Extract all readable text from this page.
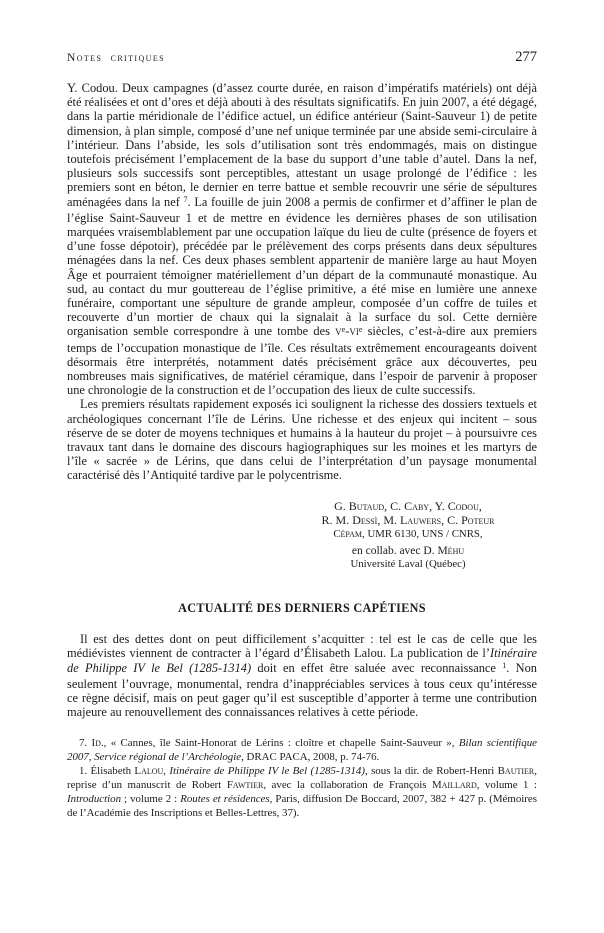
Notes critiques	277

Y. Codou. Deux campagnes (d’assez courte durée, en raison d’impératifs matériels) ont déjà été réalisées et ont d’ores et déjà abouti à des résultats significatifs. En juin 2007, a été dégagé, dans la partie méridionale de l’édifice actuel, un édifice antérieur (Saint-Sauveur 1) de petite dimension, à plan simple, composé d’une nef unique terminée par une abside semi-circulaire à l’intérieur. Dans l’abside, les sols d’utilisation sont très endommagés, mais on distingue toutefois précisément l’emplacement de la base du support d’une table d’autel. Dans la nef, plusieurs sols successifs sont perceptibles, attestant un usage prolongé de l’édifice : les premiers sont en béton, le dernier en terre battue et semble recouvrir une série de sépultures aménagées dans la nef $^7$. La fouille de juin 2008 a permis de confirmer et d’affiner le plan de l’église Saint-Sauveur 1 et de mettre en évidence les dernières phases de son utilisation marquées vraisemblablement par une occupation laïque du lieu de culte (présence de foyers et d’une fosse dépotoir), précédée par le prélèvement des corps présents dans deux sépultures ménagées dans la nef. Ces deux phases semblent appartenir de manière large au haut Moyen Âge et pourraient témoigner matériellement d’un départ de la communauté monastique. Au sud, au contact du mur gouttereau de l’église primitive, a été mise en lumière une annexe funéraire, comportant une sépulture de grande ampleur, composée d’un coffre de tuiles et recouverte d’un mortier de chaux qui la signalait à la surface du sol. Cette dernière organisation semble correspondre à une tombe des $v^e-vi^e$ siècles, c’est-à-dire aux premiers temps de l’occupation monastique de l’île. Ces résultats extrêmement encourageants doivent désormais être interprétés, notamment datés précisément grâce aux découvertes, peu nombreuses mais significatives, de matériel céramique, dans l’espoir de parvenir à proposer une chronologie de la construction et de l’occupation des lieux de culte successifs.

Les premiers résultats rapidement exposés ici soulignent la richesse des dossiers textuels et archéologiques concernant l’île de Lérins. Une richesse et des enjeux qui incitent – sous réserve de se doter de moyens techniques et humains à la hauteur du projet – à poursuivre ces travaux tant dans le domaine des discours hagiographiques sur les moines et les martyrs de l’île « sacrée » de Lérins, que dans celui de l’interprétation d’un paysage monumental caractérisé dès l’Antiquité tardive par le polycentrisme.

G. Butaud, C. Caby, Y. Codou,
R. M. Dessì, M. Lauwers, C. Poteur
Cépam, UMR 6130, UNS / CNRS,
en collab. avec D. Méhu
Université Laval (Québec)
ACTUALITÉ DES DERNIERS CAPÉTIENS

Il est des dettes dont on peut difficilement s’acquitter : tel est le cas de celle que les médiévistes viennent de contracter à l’égard d’Élisabeth Lalou. La publication de l’Itinéraire de Philippe IV le Bel (1285-1314) doit en effet être saluée avec reconnaissance $^1$. Non seulement l’ouvrage, monumental, rendra d’inappréciables services à tous ceux qu’intéresse ce règne décisif, mais on peut gager qu’il est susceptible d’apporter à terme une contribution majeure au renouvellement des connaissances relatives à cette période.

7. Id., « Cannes, île Saint-Honorat de Lérins : cloître et chapelle Saint-Sauveur », Bilan scientifique 2007, Service régional de l’Archéologie, DRAC PACA, 2008, p. 74-76.

1. Élisabeth Lalou, Itinéraire de Philippe IV le Bel (1285-1314), sous la dir. de Robert-Henri Bautier, reprise d’un manuscrit de Robert Fawtier, avec la collaboration de François Maillard, volume 1 : Introduction ; volume 2 : Routes et résidences, Paris, diffusion De Boccard, 2007, 382 + 427 p. (Mémoires de l’Académie des Inscriptions et Belles-Lettres, 37).
